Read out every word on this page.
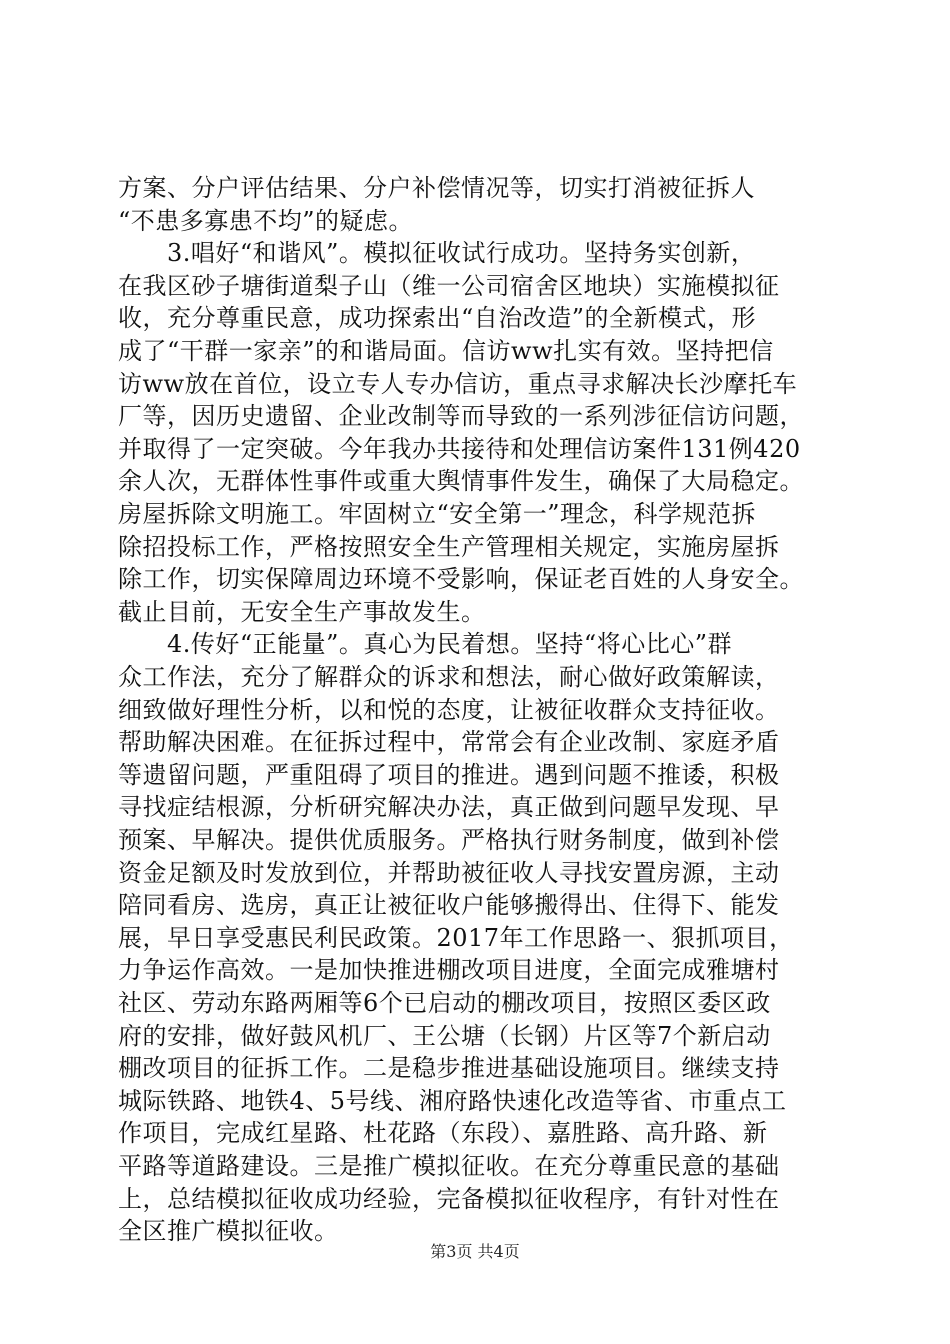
方案、分户评估结果、分户补偿情况等，切实打消被征拆人
“不患多寡患不均”的疑虑。
　　3.唱好“和谐风”。模拟征收试行成功。坚持务实创新，
在我区砂子塘街道梨子山（维一公司宿舍区地块）实施模拟征
收，充分尊重民意，成功探索出“自治改造”的全新模式，形
成了“干群一家亲”的和谐局面。信访ww扎实有效。坚持把信
访ww放在首位，设立专人专办信访，重点寻求解决长沙摩托车
厂等，因历史遗留、企业改制等而导致的一系列涉征信访问题，
并取得了一定突破。今年我办共接待和处理信访案件131例420
余人次，无群体性事件或重大舆情事件发生，确保了大局稳定。
房屋拆除文明施工。牢固树立“安全第一”理念，科学规范拆
除招投标工作，严格按照安全生产管理相关规定，实施房屋拆
除工作，切实保障周边环境不受影响，保证老百姓的人身安全。
截止目前，无安全生产事故发生。
　　4.传好“正能量”。真心为民着想。坚持“将心比心”群
众工作法，充分了解群众的诉求和想法，耐心做好政策解读，
细致做好理性分析，以和悦的态度，让被征收群众支持征收。
帮助解决困难。在征拆过程中，常常会有企业改制、家庭矛盾
等遗留问题，严重阻碍了项目的推进。遇到问题不推诿，积极
寻找症结根源，分析研究解决办法，真正做到问题早发现、早
预案、早解决。提供优质服务。严格执行财务制度，做到补偿
资金足额及时发放到位，并帮助被征收人寻找安置房源，主动
陪同看房、选房，真正让被征收户能够搬得出、住得下、能发
展，早日享受惠民利民政策。2017年工作思路一、狠抓项目，
力争运作高效。一是加快推进棚改项目进度，全面完成雅塘村
社区、劳动东路两厢等6个已启动的棚改项目，按照区委区政
府的安排，做好鼓风机厂、王公塘（长钢）片区等7个新启动
棚改项目的征拆工作。二是稳步推进基础设施项目。继续支持
城际铁路、地铁4、5号线、湘府路快速化改造等省、市重点工
作项目，完成红星路、杜花路（东段）、嘉胜路、高升路、新
平路等道路建设。三是推广模拟征收。在充分尊重民意的基础
上，总结模拟征收成功经验，完备模拟征收程序，有针对性在
全区推广模拟征收。
第3页 共4页
